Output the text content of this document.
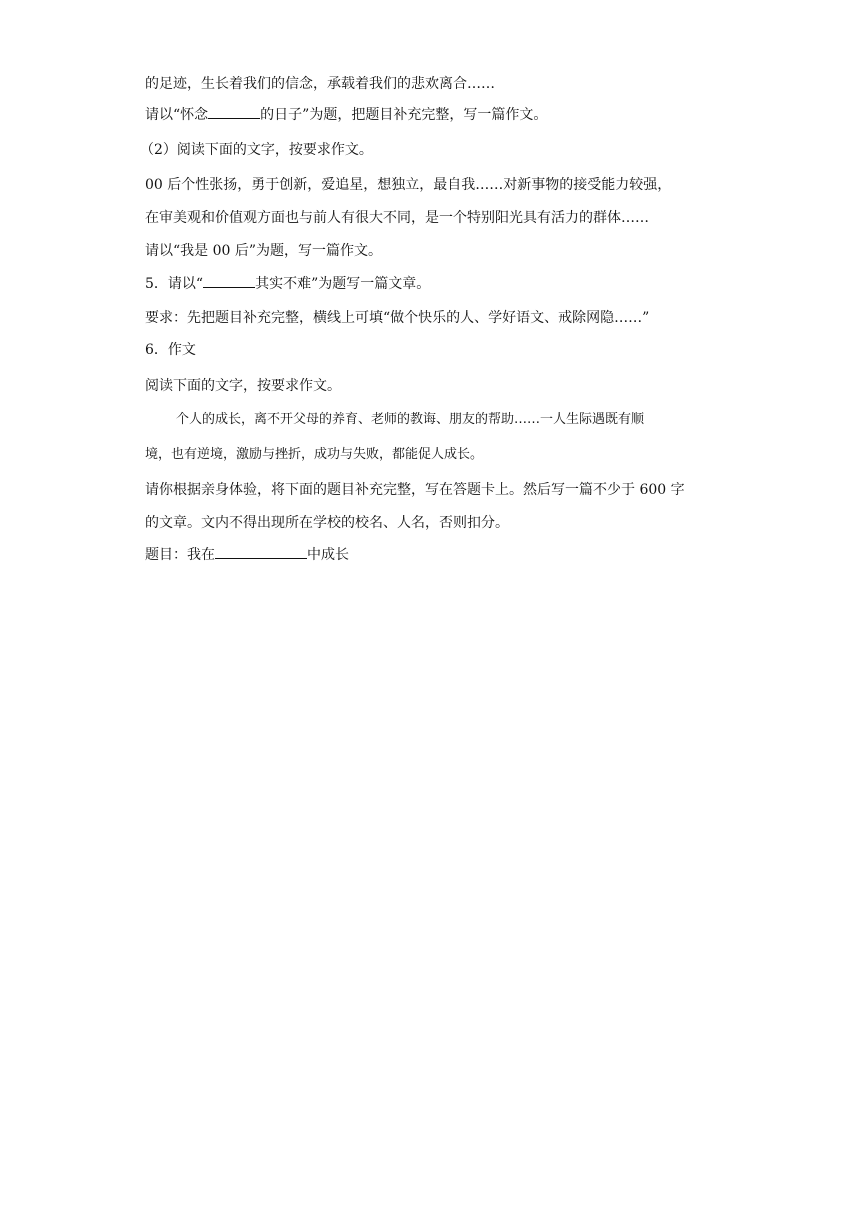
的足迹，生长着我们的信念，承载着我们的悲欢离合……
请以“怀念	的日子”为题，把题目补充完整，写一篇作文。
（2）阅读下面的文字，按要求作文。
00 后个性张扬，勇于创新，爱追星，想独立，最自我……对新事物的接受能力较强，
在审美观和价值观方面也与前人有很大不同，是一个特别阳光具有活力的群体……
请以“我是 00 后”为题，写一篇作文。
5．请以“	其实不难”为题写一篇文章。
要求：先把题目补充完整，横线上可填“做个快乐的人、学好语文、戒除网隐……”
6．作文
阅读下面的文字，按要求作文。
个人的成长，离不开父母的养育、老师的教诲、朋友的帮助……一人生际遇既有顺
境，也有逆境，激励与挫折，成功与失败，都能促人成长。
请你根据亲身体验，将下面的题目补充完整，写在答题卡上。然后写一篇不少于 600 字
的文章。文内不得出现所在学校的校名、人名，否则扣分。
题目：我在	中成长
